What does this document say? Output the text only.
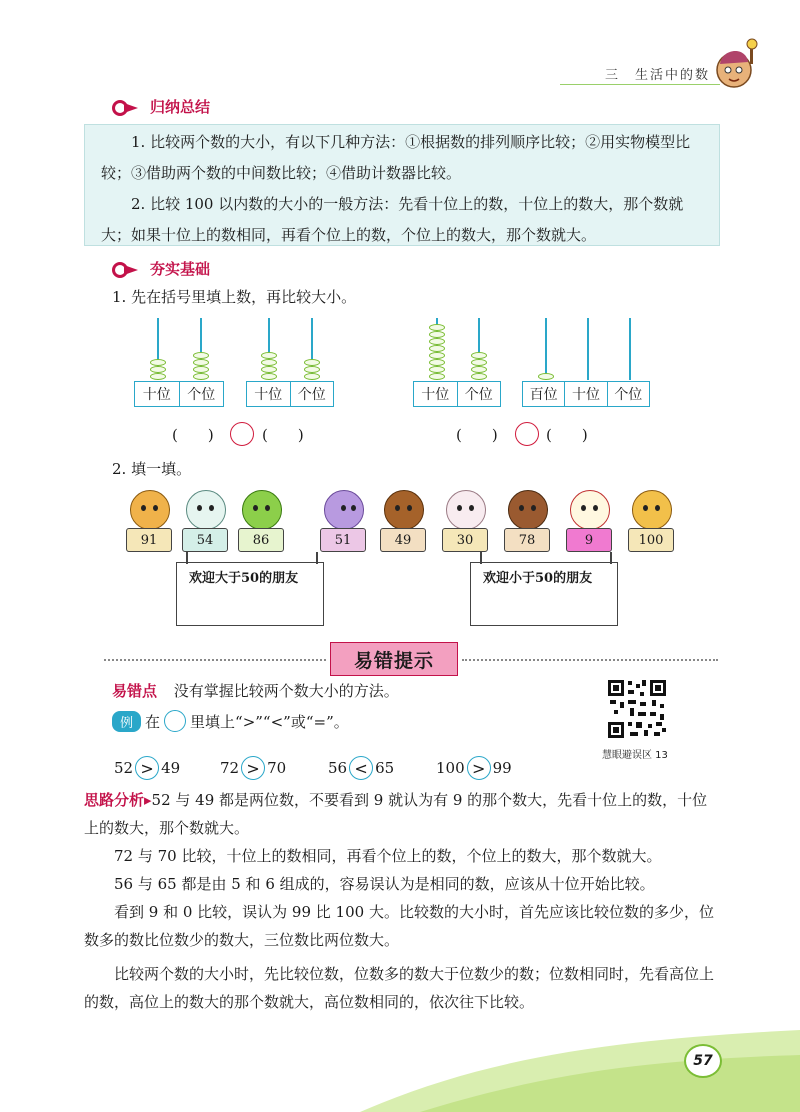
三　生活中的数
归纳总结

1. 比较两个数的大小，有以下几种方法：①根据数的排列顺序比较；②用实物模型比较；③借助两个数的中间数比较；④借助计数器比较。

2. 比较 100 以内数的大小的一般方法：先看十位上的数，十位上的数大，那个数就大；如果十位上的数相同，再看个位上的数，个位上的数大，那个数就大。

夯实基础
1. 先在括号里填上数，再比较大小。
十位	个位	十位	个位
(　　)	(　　)
十位	个位	百位	十位	个位
(　　)	(　　)
2. 填一填。
91	54	86	51	49	30	78	9	100
欢迎大于50的朋友	欢迎小于50的朋友
易错提示
易错点 没有掌握比较两个数大小的方法。
例 在 里填上“>”“<”或“=”。
慧眼避误区 13
52 > 49	72 > 70	56 < 65	100 > 99

思路分析▸52 与 49 都是两位数，不要看到 9 就认为有 9 的那个数大，先看十位上的数，十位上的数大，那个数就大。

72 与 70 比较，十位上的数相同，再看个位上的数，个位上的数大，那个数就大。

56 与 65 都是由 5 和 6 组成的，容易误认为是相同的数，应该从十位开始比较。

看到 9 和 0 比较，误认为 99 比 100 大。比较数的大小时，首先应该比较位数的多少，位数多的数比位数少的数大，三位数比两位数大。

比较两个数的大小时，先比较位数，位数多的数大于位数少的数；位数相同时，先看高位上的数，高位上的数大的那个数就大，高位数相同的，依次往下比较。

57
